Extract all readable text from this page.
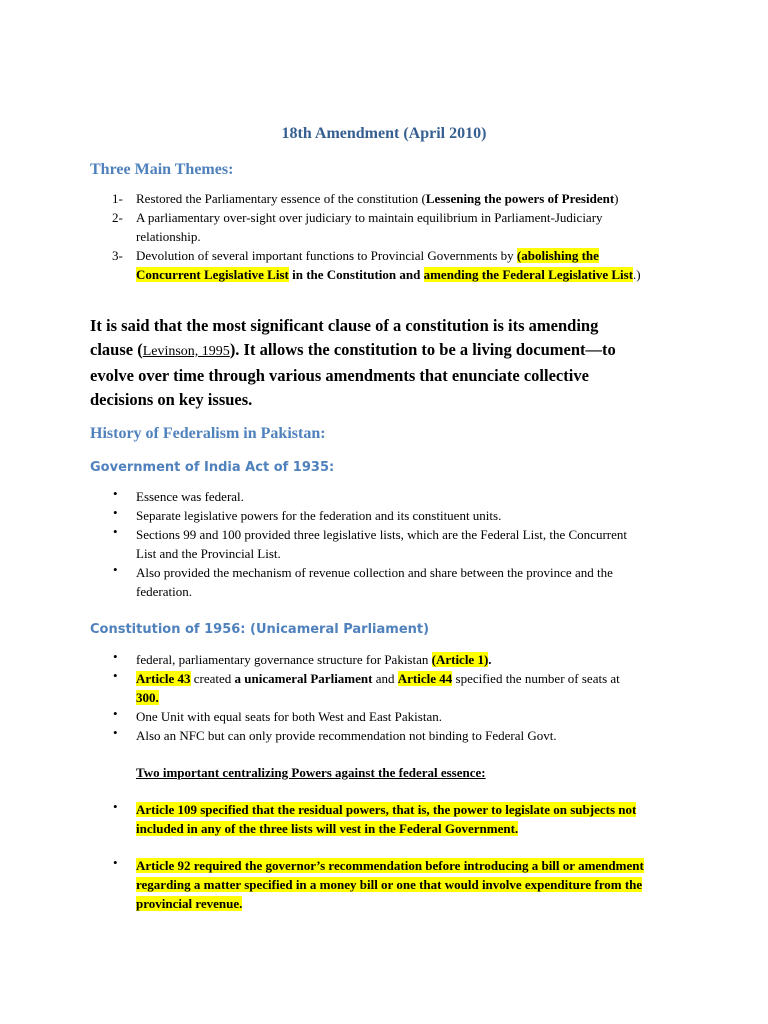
18th Amendment (April 2010)
Three Main Themes:
1- Restored the Parliamentary essence of the constitution (Lessening the powers of President)
2- A parliamentary over-sight over judiciary to maintain equilibrium in Parliament-Judiciary
relationship.
3- Devolution of several important functions to Provincial Governments by (abolishing the
Concurrent Legislative List in the Constitution and amending the Federal Legislative List.)
It is said that the most significant clause of a constitution is its amending
clause (Levinson, 1995). It allows the constitution to be a living document—to
evolve over time through various amendments that enunciate collective
decisions on key issues.
History of Federalism in Pakistan:
Government of India Act of 1935:
• Essence was federal.
• Separate legislative powers for the federation and its constituent units.
• Sections 99 and 100 provided three legislative lists, which are the Federal List, the Concurrent
List and the Provincial List.
• Also provided the mechanism of revenue collection and share between the province and the
federation.
Constitution of 1956: (Unicameral Parliament)
• federal, parliamentary governance structure for Pakistan (Article 1).
• Article 43 created a unicameral Parliament and Article 44 specified the number of seats at
300.
• One Unit with equal seats for both West and East Pakistan.
• Also an NFC but can only provide recommendation not binding to Federal Govt.
Two important centralizing Powers against the federal essence:
• Article 109 specified that the residual powers, that is, the power to legislate on subjects not
included in any of the three lists will vest in the Federal Government.
• Article 92 required the governor’s recommendation before introducing a bill or amendment
regarding a matter specified in a money bill or one that would involve expenditure from the
provincial revenue.
